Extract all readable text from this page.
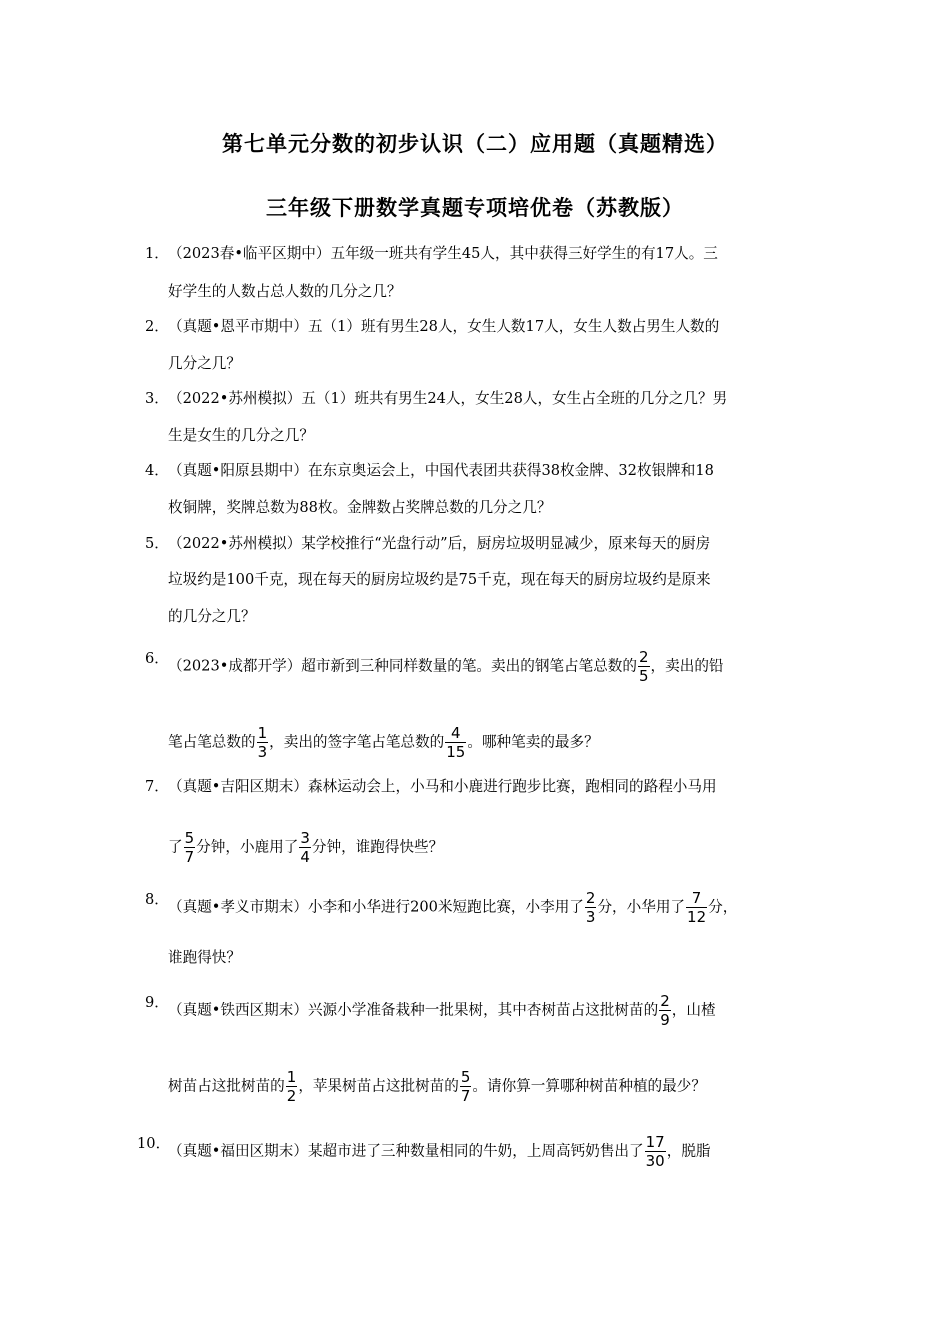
第七单元分数的初步认识（二）应用题（真题精选）
三年级下册数学真题专项培优卷（苏教版）
1． （2023春•临平区期中）五年级一班共有学生45人，其中获得三好学生的有17人。三
好学生的人数占总人数的几分之几？
2． （真题•恩平市期中）五（1）班有男生28人，女生人数17人，女生人数占男生人数的
几分之几？
3． （2022•苏州模拟）五（1）班共有男生24人，女生28人，女生占全班的几分之几？男
生是女生的几分之几？
4． （真题•阳原县期中）在东京奥运会上，中国代表团共获得38枚金牌、32枚银牌和18
枚铜牌，奖牌总数为88枚。金牌数占奖牌总数的几分之几？
5． （2022•苏州模拟）某学校推行“光盘行动”后，厨房垃圾明显减少，原来每天的厨房
垃圾约是100千克，现在每天的厨房垃圾约是75千克，现在每天的厨房垃圾约是原来
的几分之几？
6． （2023•成都开学）超市新到三种同样数量的笔。卖出的钢笔占笔总数的 $\frac{2}{5}$ ，卖出的铅
笔占笔总数的 $\frac{1}{3}$ ，卖出的签字笔占笔总数的 $\frac{4}{15}$ 。哪种笔卖的最多？
7． （真题•吉阳区期末）森林运动会上，小马和小鹿进行跑步比赛，跑相同的路程小马用
了 $\frac{5}{7}$ 分钟，小鹿用了 $\frac{3}{4}$ 分钟，谁跑得快些？
8． （真题•孝义市期末）小李和小华进行200米短跑比赛，小李用了 $\frac{2}{3}$ 分，小华用了 $\frac{7}{12}$ 分，
谁跑得快？
9． （真题•铁西区期末）兴源小学准备栽种一批果树，其中杏树苗占这批树苗的 $\frac{2}{9}$ ，山楂
树苗占这批树苗的 $\frac{1}{2}$ ，苹果树苗占这批树苗的 $\frac{5}{7}$ 。请你算一算哪种树苗种植的最少？
10．
（真题•福田区期末）某超市进了三种数量相同的牛奶，上周高钙奶售出了 $\frac{17}{30}$ ，脱脂
